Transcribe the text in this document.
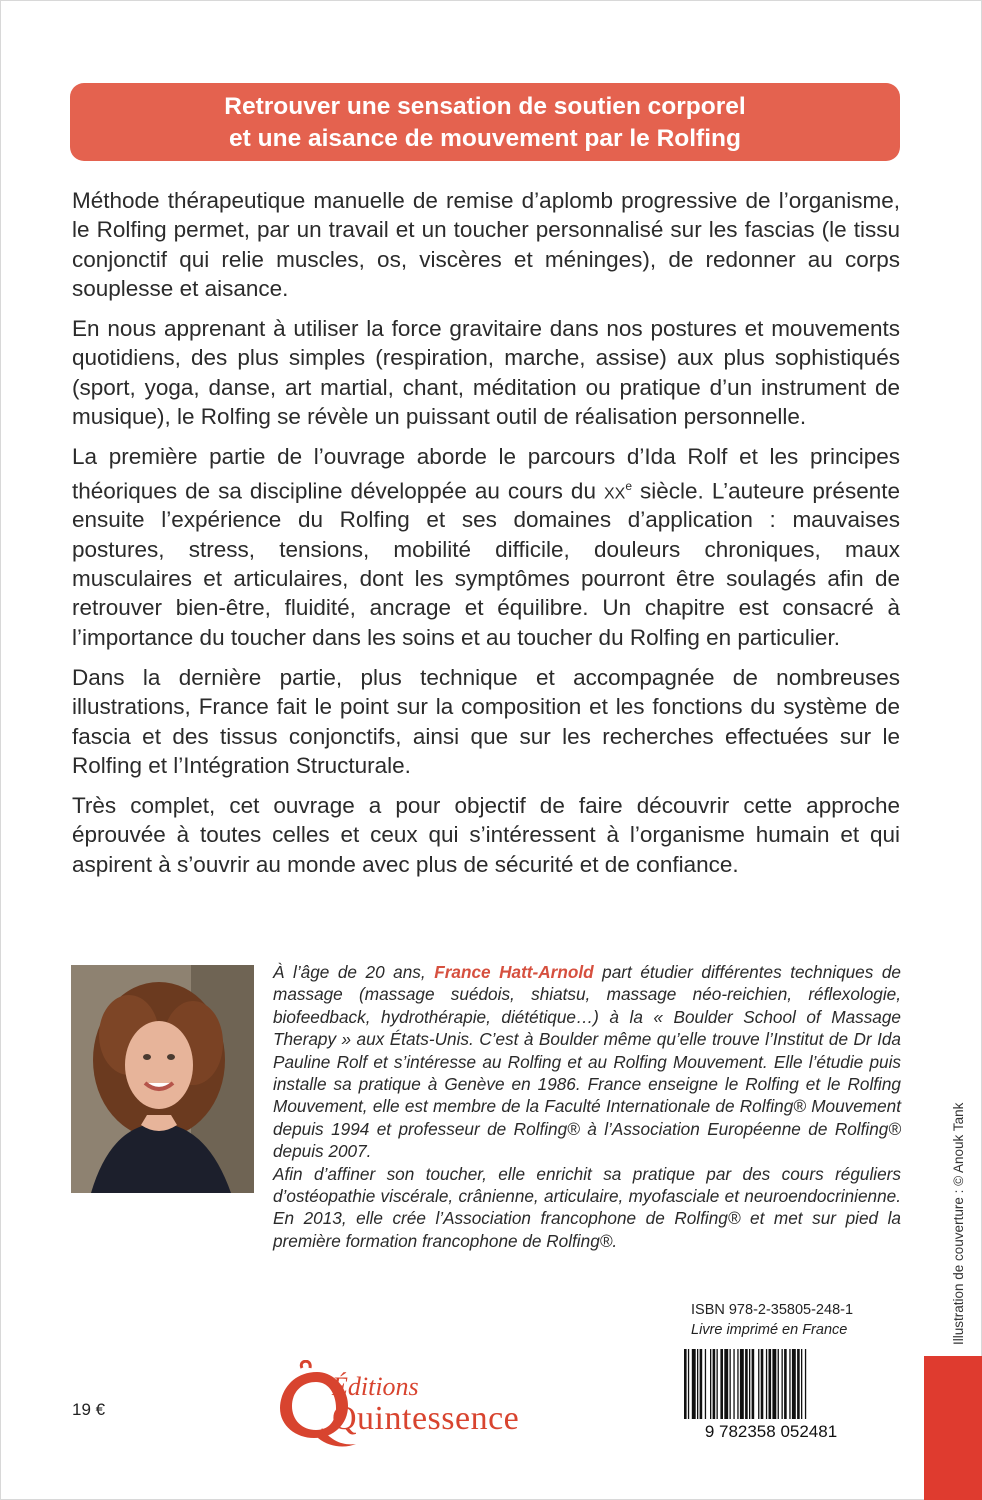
Retrouver une sensation de soutien corporel
et une aisance de mouvement par le Rolfing

Méthode thérapeutique manuelle de remise d’aplomb progressive de l’organisme, le Rolfing permet, par un travail et un toucher personnalisé sur les fascias (le tissu conjonctif qui relie muscles, os, viscères et méninges), de redonner au corps souplesse et aisance.

En nous apprenant à utiliser la force gravitaire dans nos postures et mouvements quotidiens, des plus simples (respiration, marche, assise) aux plus sophistiqués (sport, yoga, danse, art martial, chant, méditation ou pratique d’un instrument de musique), le Rolfing se révèle un puissant outil de réalisation personnelle.

La première partie de l’ouvrage aborde le parcours d’Ida Rolf et les principes théoriques de sa discipline développée au cours du $xx^e$ siècle. L’auteure présente ensuite l’expérience du Rolfing et ses domaines d’application : mauvaises postures, stress, tensions, mobilité difficile, douleurs chroniques, maux musculaires et articulaires, dont les symptômes pourront être soulagés afin de retrouver bien-être, fluidité, ancrage et équilibre. Un chapitre est consacré à l’importance du toucher dans les soins et au toucher du Rolfing en particulier.

Dans la dernière partie, plus technique et accompagnée de nombreuses illustrations, France fait le point sur la composition et les fonctions du système de fascia et des tissus conjonctifs, ainsi que sur les recherches effectuées sur le Rolfing et l’Intégration Structurale.

Très complet, cet ouvrage a pour objectif de faire découvrir cette approche éprouvée à toutes celles et ceux qui s’intéressent à l’organisme humain et qui aspirent à s’ouvrir au monde avec plus de sécurité et de confiance.

À l’âge de 20 ans, France Hatt-Arnold part étudier différentes techniques de massage (massage suédois, shiatsu, massage néo-reichien, réflexologie, biofeedback, hydrothérapie, diététique…) à la « Boulder School of Massage Therapy » aux États-Unis. C’est à Boulder même qu’elle trouve l’Institut de Dr Ida Pauline Rolf et s’intéresse au Rolfing et au Rolfing Mouvement. Elle l’étudie puis installe sa pratique à Genève en 1986. France enseigne le Rolfing et le Rolfing Mouvement, elle est membre de la Faculté Internationale de Rolfing® Mouvement depuis 1994 et professeur de Rolfing® à l’Association Européenne de Rolfing® depuis 2007.

Afin d’affiner son toucher, elle enrichit sa pratique par des cours réguliers d’ostéopathie viscérale, crânienne, articulaire, myofasciale et neuroendocrinienne. En 2013, elle crée l’Association francophone de Rolfing® et met sur pied la première formation francophone de Rolfing®.	Illustration de couverture : © Anouk Tank
ISBN 978-2-35805-248-1
Livre imprimé en France
9 782358 052481
19 €
Éditions
Quintessence
